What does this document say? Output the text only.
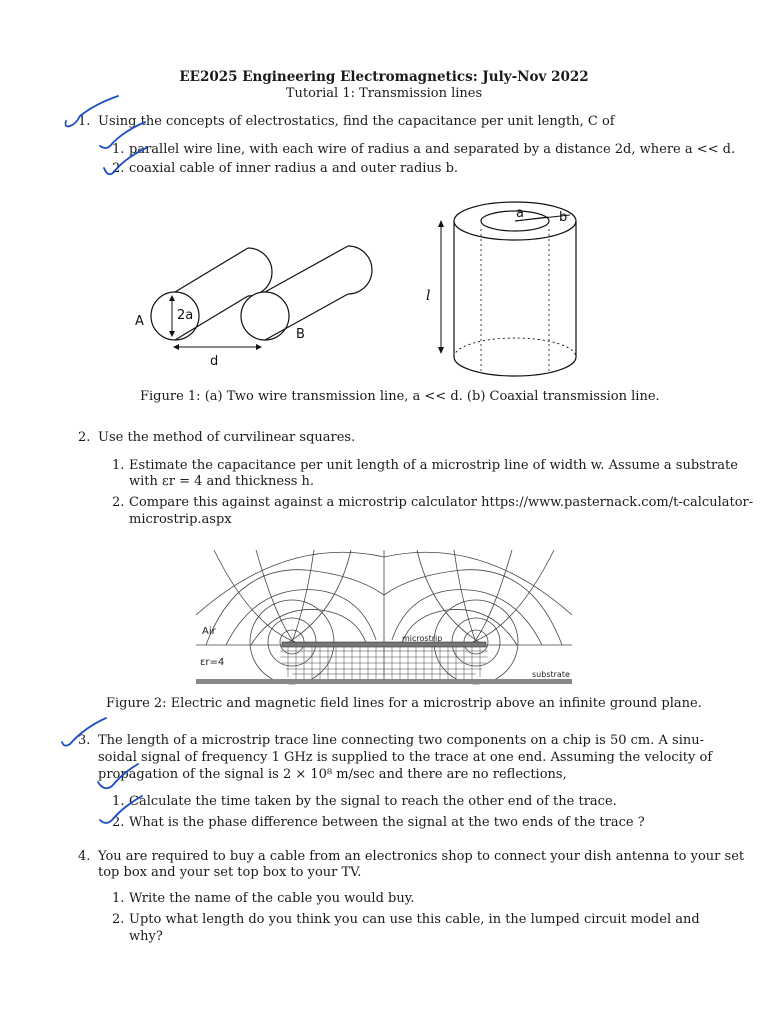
EE2025 Engineering Electromagnetics: July-Nov 2022
Tutorial 1: Transmission lines
1. Using the concepts of electrostatics, find the capacitance per unit length, C of
1. parallel wire line, with each wire of radius a and separated by a distance 2d, where a << d.
2. coaxial cable of inner radius a and outer radius b.
A	2a
B
d
a	b
l
Figure 1: (a) Two wire transmission line, a << d. (b) Coaxial transmission line.
2. Use the method of curvilinear squares.
1. Estimate the capacitance per unit length of a microstrip line of width w. Assume a substrate
with εr = 4 and thickness h.
2. Compare this against against a microstrip calculator https://www.pasternack.com/t-calculator-
microstrip.aspx
Air
microstrip
εr=4
substrate
Figure 2: Electric and magnetic field lines for a microstrip above an infinite ground plane.
3. The length of a microstrip trace line connecting two components on a chip is 50 cm. A sinu-
soidal signal of frequency 1 GHz is supplied to the trace at one end. Assuming the velocity of
propagation of the signal is 2 × 10⁸ m/sec and there are no reflections,
1. Calculate the time taken by the signal to reach the other end of the trace.
2. What is the phase difference between the signal at the two ends of the trace ?
4. You are required to buy a cable from an electronics shop to connect your dish antenna to your set
top box and your set top box to your TV.
1. Write the name of the cable you would buy.
2. Upto what length do you think you can use this cable, in the lumped circuit model and
why?
